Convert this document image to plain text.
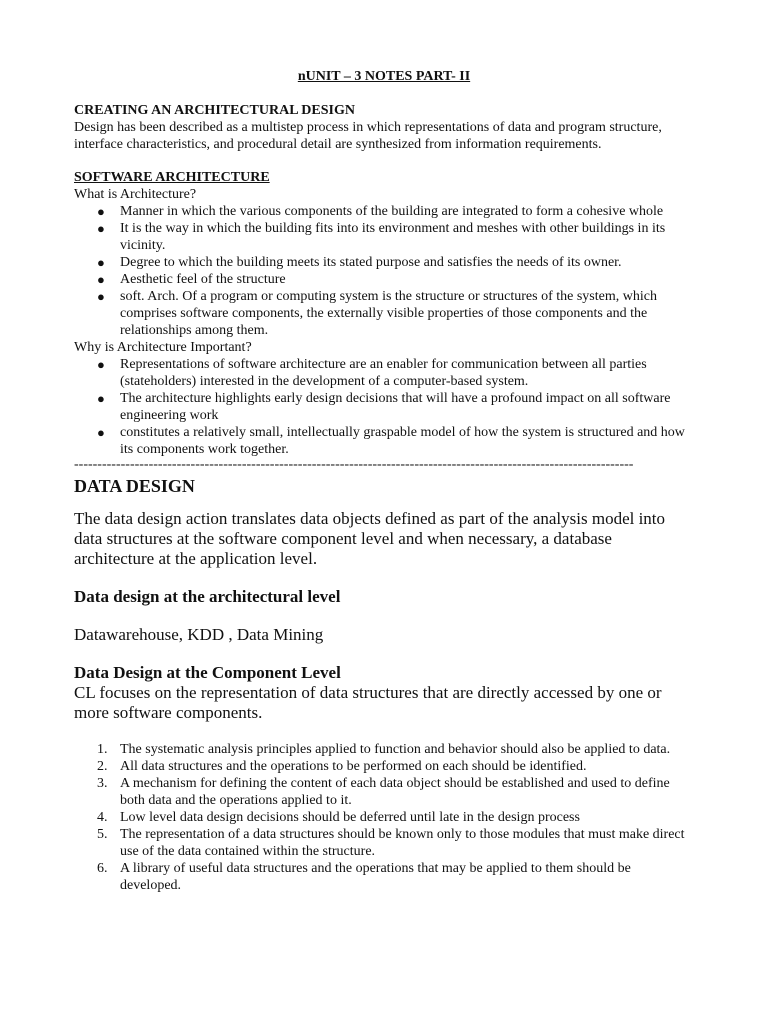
nUNIT – 3 NOTES PART- II
CREATING AN ARCHITECTURAL DESIGN

Design has been described as a multistep process in which representations of data and program structure, interface characteristics, and procedural detail are synthesized from information requirements.

SOFTWARE ARCHITECTURE
What is Architecture?
● Manner in which the various components of the building are integrated to form a cohesive whole
● It is the way in which the building fits into its environment and meshes with other buildings in its vicinity.
● Degree to which the building meets its stated purpose and satisfies the needs of its owner.
● Aesthetic feel of the structure
● soft. Arch. Of a program or computing system is the structure or structures of the system, which comprises software components, the externally visible properties of those components and the relationships among them.
Why is Architecture Important?
● Representations of software architecture are an enabler for communication between all parties (stateholders) interested in the development of a computer-based system.
● The architecture highlights early design decisions that will have a profound impact on all software engineering work
● constitutes a relatively small, intellectually graspable model of how the system is structured and how its components work together.
------------------------------------------------------------------------------------------------------------------------
DATA DESIGN

The data design action translates data objects defined as part of the analysis model into data structures at the software component level and when necessary, a database architecture at the application level.

Data design at the architectural level

Datawarehouse, KDD , Data Mining

Data Design at the Component Level

CL focuses on the representation of data structures that are directly accessed by one or more software components.

1. The systematic analysis principles applied to function and behavior should also be applied to data.
2. All data structures and the operations to be performed on each should be identified.
3. A mechanism for defining the content of each data object should be established and used to define both data and the operations applied to it.
4. Low level data design decisions should be deferred until late in the design process
5. The representation of a data structures should be known only to those modules that must make direct use of the data contained within the structure.
6. A library of useful data structures and the operations that may be applied to them should be developed.
